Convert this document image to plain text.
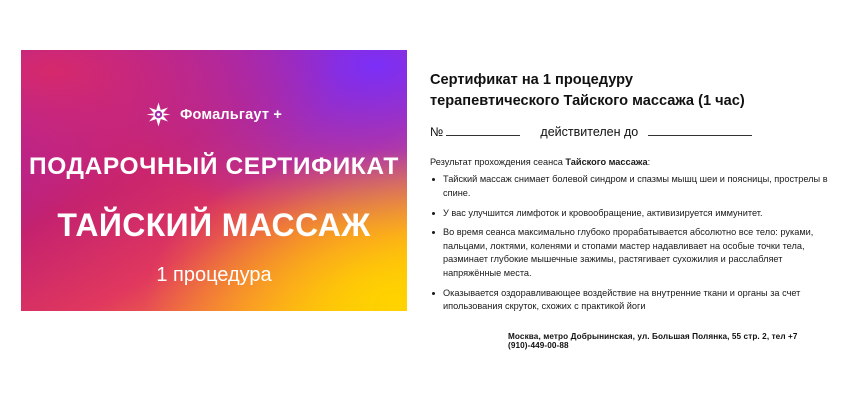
Фомальгаут +
ПОДАРОЧНЫЙ СЕРТИФИКАТ
ТАЙСКИЙ МАССАЖ
1 процедура
Сертификат на 1 процедуру
терапевтического Тайского массажа (1 час)
№	действителен до
Результат прохождения сеанса Тайского массажа:
Тайский массаж снимает болевой синдром и спазмы мышц шеи и поясницы, прострелы в спине.
У вас улучшится лимфоток и кровообращение, активизируется иммунитет.
Во время сеанса максимально глубоко прорабатывается абсолютно все тело: руками, пальцами, локтями, коленями и стопами мастер надавливает на особые точки тела, разминает глубокие мышечные зажимы, растягивает сухожилия и расслабляет напряжённые места.
Оказывается оздоравливающее воздействие на внутренние ткани и органы за счет ипользования скруток, схожих с практикой йоги
Москва, метро Добрынинская, ул. Большая Полянка, 55 стр. 2, тел +7 (910)-449-00-88
